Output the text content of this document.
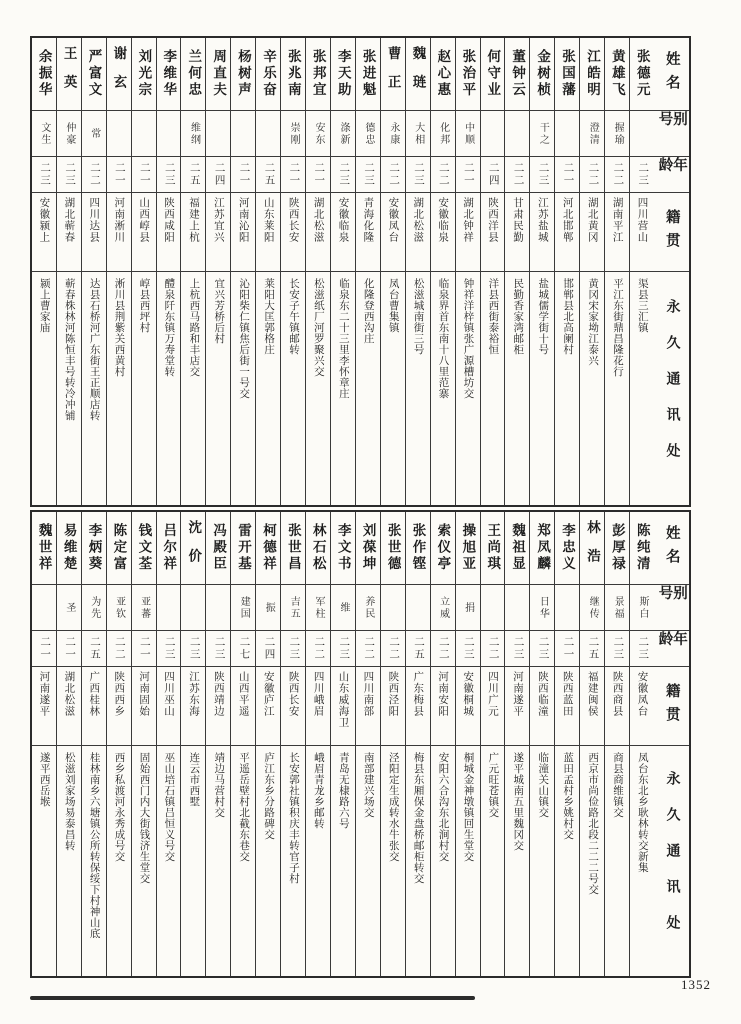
姓名
别号
年龄
籍贯
永久通讯处
张德元
二三
四川营山
渠县三汇镇
黄雄飞
握瑜
二二
湖南平江
平江东街鼎昌隆花行
江皓明
澄清
二二
湖北黄冈
黄冈宋家坳江泰兴
张国藩
二一
河北邯郸
邯郸县北高阑村
金树桢
干之
二三
江苏盐城
盐城儒学街十号
董钟云
二二
甘肃民勤
民勤香家湾邮柜
何守业
二四
陕西洋县
洋县西街泰裕恒
张治平
中顺
二一
湖北钟祥
钟祥洋梓镇张广源槽坊交
赵心惠
化邦
二二
安徽临泉
临泉界首东南十八里范寨
魏琏
大相
二三
湖北松滋
松滋城南街三号
曹正
永康
二二
安徽凤台
凤台曹集镇
张进魁
德忠
二三
青海化隆
化隆登西沟庄
李天助
涤新
二三
安徽临泉
临泉东二十三里李怀章庄
张邦宜
安东
二一
湖北松滋
松滋纸厂河罗聚兴交
张兆南
崇刚
二一
陕西长安
长安子午镇邮转
辛乐奋
二五
山东莱阳
莱阳大匡郭格庄
杨树声
二一
河南沁阳
沁阳柴仁镇焦后街一号交
周直夫
二四
江苏宜兴
宜兴芳桥后村
兰何忠
维纲
二五
福建上杭
上杭西马路和丰店交
李维华
二三
陕西咸阳
醴泉阡东镇万寿堂转
刘光宗
二一
山西崞县
崞县西坪村
谢玄
二一
河南淅川
淅川县荆紫关西黄村
严富文
常
二二
四川达县
达县石桥河广东街王正顺店转
王英
仲豪
二三
湖北蕲春
蕲春株林河陈恒丰号转冷冲铺
余振华
文生
二三
安徽颍上
颍上曹家庙
姓名
别号
年龄
籍贯
永久通讯处
陈纯清
斯白
二三
安徽凤台
凤台东北乡耿林转交新集
彭厚禄
景福
二三
陕西商县
商县商维镇交
林浩
继传
二五
福建闽侯
西京市尚俭路北段二二二号交
李忠义
二一
陕西蓝田
蓝田孟村乡姚村交
郑凤麟
日华
二三
陕西临潼
临潼关山镇交
魏祖显
二三
河南遂平
遂平城南五里魏冈交
王尚琪
二二
四川广元
广元旺苍镇交
操旭亚
捐
二三
安徽桐城
桐城金神墩镇回生堂交
索仪亭
立威
二二
河南安阳
安阳六合沟东北涧村交
张作铿
二五
广东梅县
梅县东厢保金盘桥邮柜转交
张世德
二二
陕西泾阳
泾阳定生成转水牛张交
刘葆坤
养民
二二
四川南部
南部建兴场交
李文书
维
二三
山东威海卫
青岛无棣路六号
林石松
军柱
二二
四川峨眉
峨眉青龙乡邮转
张世昌
吉五
二三
陕西长安
长安郭社镇积庆丰转官子村
柯德祥
振
二四
安徽庐江
庐江东乡分路碑交
雷开基
建国
二七
山西平遥
平遥岳壁村北截东巷交
冯殿臣
二三
陕西靖边
靖边马营村交
沈价
二三
江苏东海
连云市西墅
吕尔祥
二三
四川巫山
巫山培石镇吕恒义号交
钱文荃
亚蕃
二一
河南固始
固始西门内大街钱济生堂交
陈定富
亚钦
二二
陕西西乡
西乡私渡河永秀成号交
李炳葵
为先
二五
广西桂林
桂林南乡六塘镇公所转保绥下村神山底
易维楚
圣
二一
湖北松滋
松滋刘家场易泰昌转
魏世祥
二一
河南遂平
遂平西岳堠
1352
